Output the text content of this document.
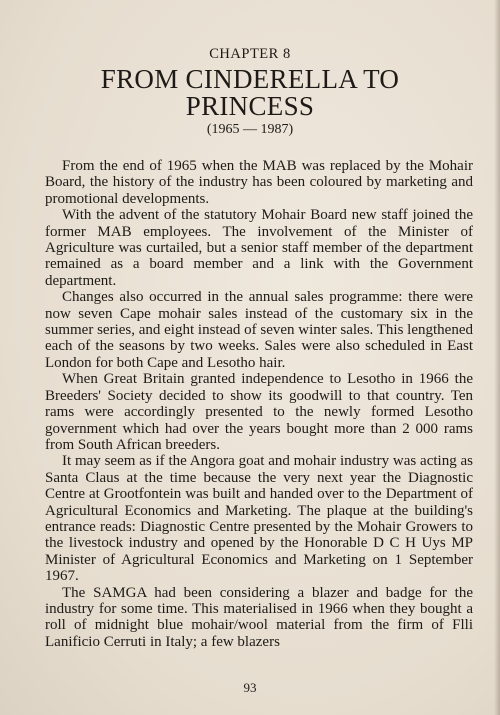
CHAPTER 8
FROM CINDERELLA TO
PRINCESS
(1965 — 1987)

From the end of 1965 when the MAB was replaced by the Mohair Board, the history of the industry has been coloured by marketing and promotional developments.

With the advent of the statutory Mohair Board new staff joined the former MAB employees. The involvement of the Minister of Agriculture was curtailed, but a senior staff member of the department remained as a board member and a link with the Government department.

Changes also occurred in the annual sales programme: there were now seven Cape mohair sales instead of the customary six in the summer series, and eight instead of seven winter sales. This lengthened each of the seasons by two weeks. Sales were also scheduled in East London for both Cape and Lesotho hair.

When Great Britain granted independence to Lesotho in 1966 the Breeders' Society decided to show its goodwill to that country. Ten rams were accordingly presented to the newly formed Lesotho government which had over the years bought more than 2 000 rams from South African breeders.

It may seem as if the Angora goat and mohair industry was acting as Santa Claus at the time because the very next year the Diagnostic Centre at Grootfontein was built and handed over to the Department of Agricultural Economics and Marketing. The plaque at the building's entrance reads: Diagnostic Centre presented by the Mohair Growers to the livestock industry and opened by the Honorable D C H Uys MP Minister of Agricultural Economics and Marketing on 1 September 1967.

The SAMGA had been considering a blazer and badge for the industry for some time. This materialised in 1966 when they bought a roll of midnight blue mohair/wool material from the firm of Flli Lanificio Cerruti in Italy; a few blazers

93
